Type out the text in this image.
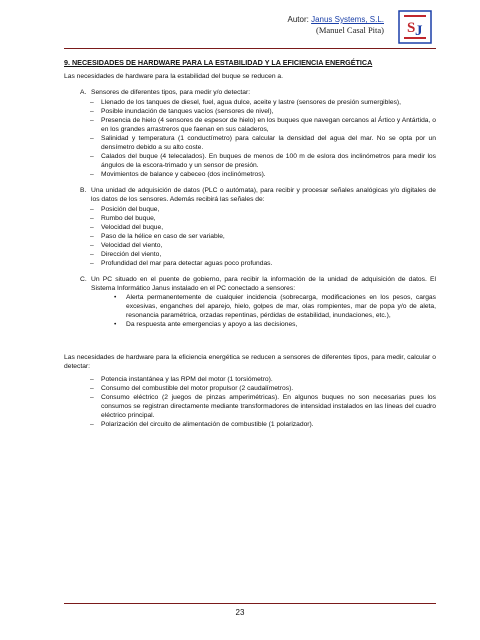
Autor: Janus Systems, S.L.
(Manuel Casal Pita) S J
9. NECESIDADES DE HARDWARE PARA LA ESTABILIDAD Y LA EFICIENCIA ENERGÉTICA

Las necesidades de hardware para la estabilidad del buque se reducen a.

A. Sensores de diferentes tipos, para medir y/o detectar:
–	Llenado de los tanques de diesel, fuel, agua dulce, aceite y lastre (sensores de presión sumergibles),
–	Posible inundación de tanques vacíos (sensores de nivel),
–	Presencia de hielo (4 sensores de espesor de hielo) en los buques que navegan cercanos al Ártico y Antártida, o en los grandes arrastreros que faenan en sus caladeros,
–	Salinidad y temperatura (1 conductímetro) para calcular la densidad del agua del mar. No se opta por un densímetro debido a su alto coste.
–	Calados del buque (4 telecalados). En buques de menos de 100 m de eslora dos inclinómetros para medir los ángulos de la escora-trimado y un sensor de presión.
–	Movimientos de balance y cabeceo (dos inclinómetros).
B. Una unidad de adquisición de datos (PLC o autómata), para recibir y procesar señales analógicas y/o digitales de los datos de los sensores. Además recibirá las señales de:
–	Posición del buque,
–	Rumbo del buque,
–	Velocidad del buque,
–	Paso de la hélice en caso de ser variable,
–	Velocidad del viento,
–	Dirección del viento,
–	Profundidad del mar para detectar aguas poco profundas.
C. Un PC situado en el puente de gobierno, para recibir la información de la unidad de adquisición de datos. El Sistema Informático Janus instalado en el PC conectado a sensores:
•	Alerta permanentemente de cualquier incidencia (sobrecarga, modificaciones en los pesos, cargas excesivas, enganches del aparejo, hielo, golpes de mar, olas rompientes, mar de popa y/o de aleta, resonancia paramétrica, orzadas repentinas, pérdidas de estabilidad, inundaciones, etc.),
•	Da respuesta ante emergencias y apoyo a las decisiones,
Las necesidades de hardware para la eficiencia energética se reducen a sensores de diferentes tipos, para medir, calcular o detectar:
–	Potencia instantánea y las RPM del motor (1 torsiómetro).
–	Consumo del combustible del motor propulsor (2 caudalímetros).
–	Consumo eléctrico (2 juegos de pinzas amperimétricas). En algunos buques no son necesarias pues los consumos se registran directamente mediante transformadores de intensidad instalados en las líneas del cuadro eléctrico principal.
–	Polarización del circuito de alimentación de combustible (1 polarizador).
23
